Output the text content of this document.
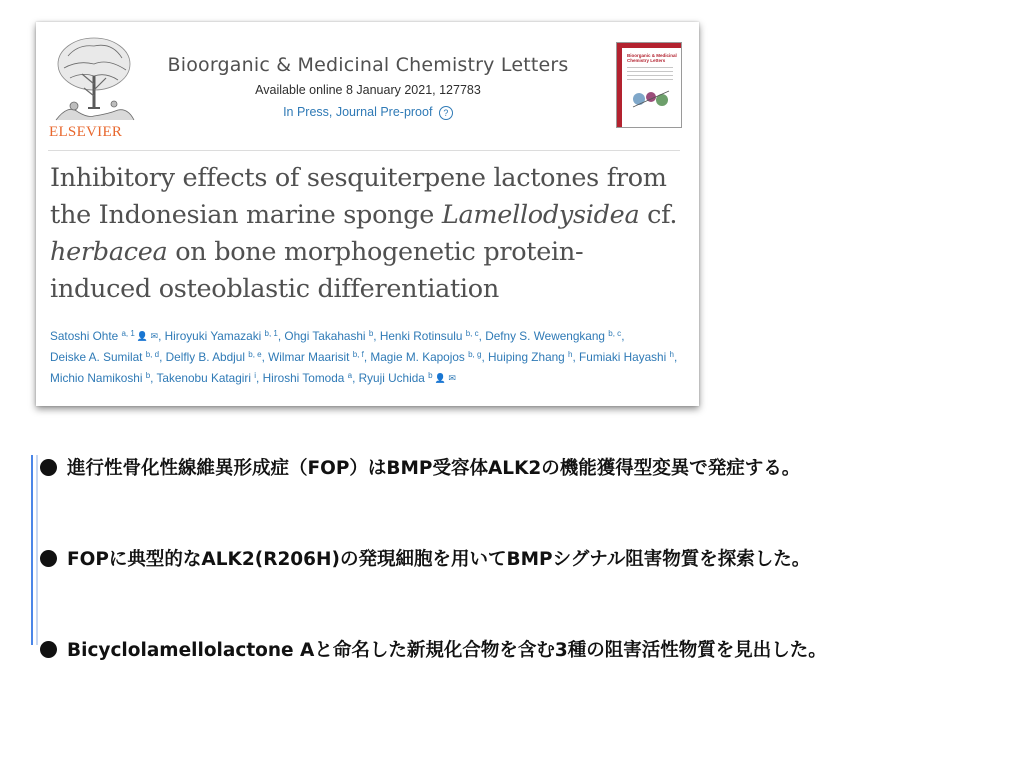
ELSEVIER
Bioorganic & Medicinal Chemistry Letters
Available online 8 January 2021, 127783
In Press, Journal Pre-proof ?
Bioorganic & Medicinal Chemistry Letters
Inhibitory effects of sesquiterpene lactones from the Indonesian marine sponge Lamellodysidea cf. herbacea on bone morphogenetic protein-induced osteoblastic differentiation
Satoshi Ohte $^{a, 1}$ 👤 ✉, Hiroyuki Yamazaki $^{b, 1}$, Ohgi Takahashi $^b$, Henki Rotinsulu $^{b, c}$, Defny S. Wewengkang $^{b, c}$, Deiske A. Sumilat $^{b, d}$, Delfly B. Abdjul $^{b, e}$, Wilmar Maarisit $^{b, f}$, Magie M. Kapojos $^{b, g}$, Huiping Zhang $^h$, Fumiaki Hayashi $^h$, Michio Namikoshi $^b$, Takenobu Katagiri $^i$, Hiroshi Tomoda $^a$, Ryuji Uchida $^b$ 👤 ✉
進行性骨化性線維異形成症（FOP）はBMP受容体ALK2の機能獲得型変異で発症する。
FOPに典型的なALK2(R206H)の発現細胞を用いてBMPシグナル阻害物質を探索した。
Bicyclolamellolactone Aと命名した新規化合物を含む3種の阻害活性物質を見出した。
